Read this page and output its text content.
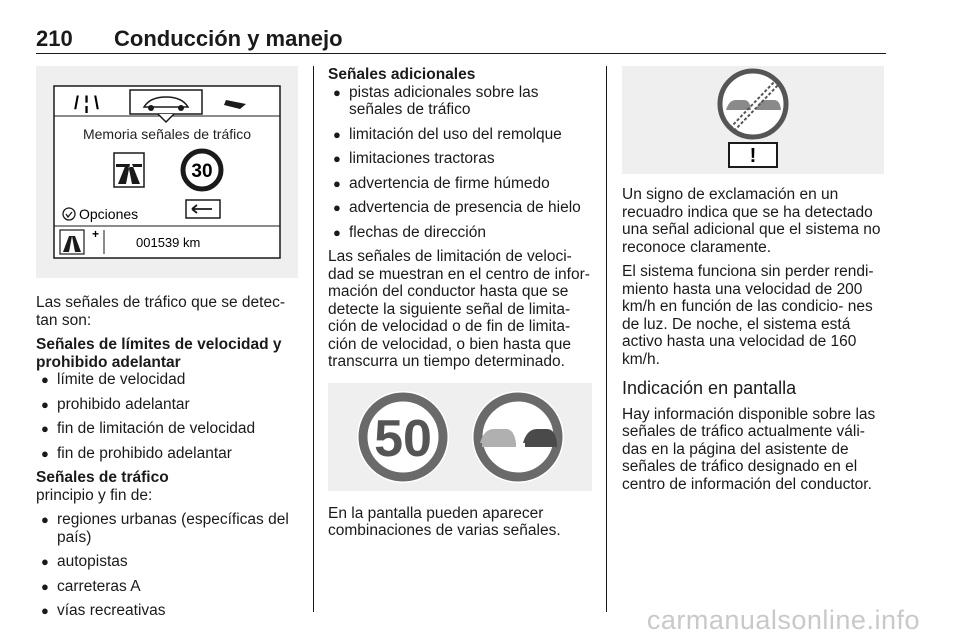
210 Conducción y manejo
/ ¦ \
Memoria señales de tráfico
30
Opciones
+
001539 km

Las señales de tráfico que se detec- tan son:

Señales de límites de velocidad y prohibido adelantar

● límite de velocidad
● prohibido adelantar
● fin de limitación de velocidad
● fin de prohibido adelantar

Señales de tráfico

principio y fin de:

● regiones urbanas (específicas del país)
● autopistas
● carreteras A
● vías recreativas

Señales adicionales

● pistas adicionales sobre las señales de tráfico
● limitación del uso del remolque
● limitaciones tractoras
● advertencia de firme húmedo
● advertencia de presencia de hielo
● flechas de dirección

Las señales de limitación de veloci- dad se muestran en el centro de infor- mación del conductor hasta que se detecte la siguiente señal de limita- ción de velocidad o de fin de limita- ción de velocidad, o bien hasta que transcurra un tiempo determinado.

50

En la pantalla pueden aparecer combinaciones de varias señales.

!

Un signo de exclamación en un recuadro indica que se ha detectado una señal adicional que el sistema no reconoce claramente.

El sistema funciona sin perder rendi- miento hasta una velocidad de 200 km/h en función de las condicio- nes de luz. De noche, el sistema está activo hasta una velocidad de 160 km/h.

Indicación en pantalla

Hay información disponible sobre las señales de tráfico actualmente váli- das en la página del asistente de señales de tráfico designado en el centro de información del conductor.

carmanualsonline.info
